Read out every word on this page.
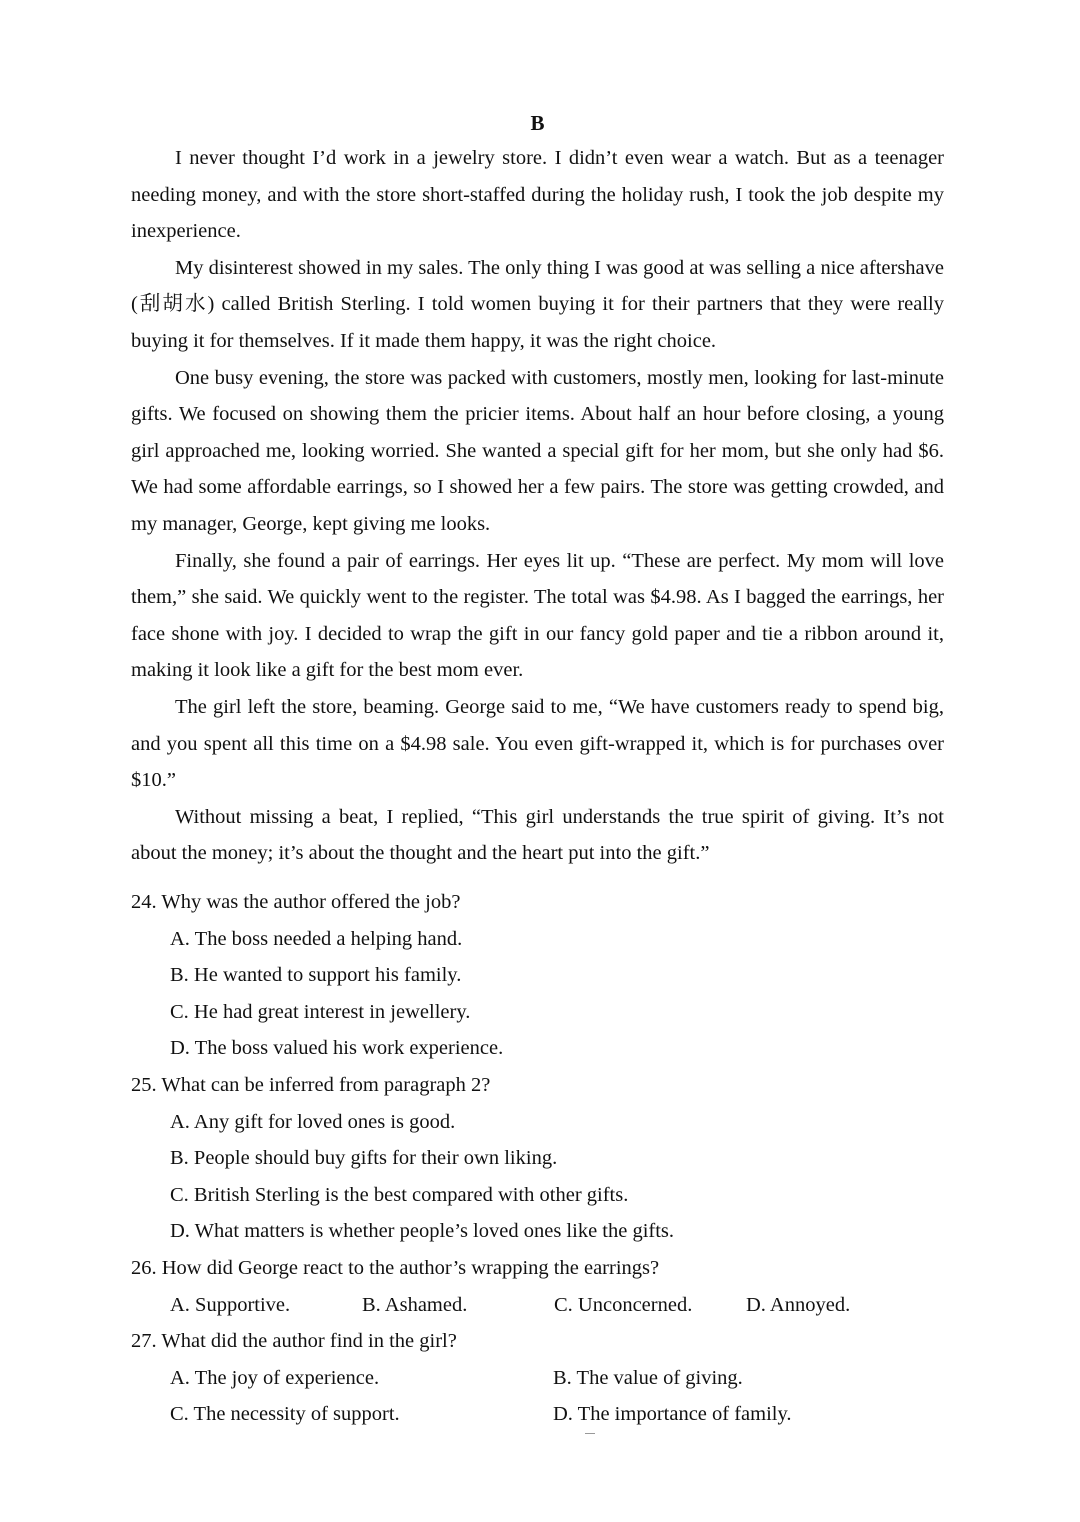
B

I never thought I’d work in a jewelry store. I didn’t even wear a watch. But as a teenager needing money, and with the store short-staffed during the holiday rush, I took the job despite my inexperience.

My disinterest showed in my sales. The only thing I was good at was selling a nice aftershave (刮胡水) called British Sterling. I told women buying it for their partners that they were really buying it for themselves. If it made them happy, it was the right choice.

One busy evening, the store was packed with customers, mostly men, looking for last-minute gifts. We focused on showing them the pricier items. About half an hour before closing, a young girl approached me, looking worried. She wanted a special gift for her mom, but she only had $6. We had some affordable earrings, so I showed her a few pairs. The store was getting crowded, and my manager, George, kept giving me looks.

Finally, she found a pair of earrings. Her eyes lit up. “These are perfect. My mom will love them,” she said. We quickly went to the register. The total was $4.98. As I bagged the earrings, her face shone with joy. I decided to wrap the gift in our fancy gold paper and tie a ribbon around it, making it look like a gift for the best mom ever.

The girl left the store, beaming. George said to me, “We have customers ready to spend big, and you spent all this time on a $4.98 sale. You even gift-wrapped it, which is for purchases over $10.”

Without missing a beat, I replied, “This girl understands the true spirit of giving. It’s not about the money; it’s about the thought and the heart put into the gift.”

24. Why was the author offered the job?
A. The boss needed a helping hand.
B. He wanted to support his family.
C. He had great interest in jewellery.
D. The boss valued his work experience.
25. What can be inferred from paragraph 2?
A. Any gift for loved ones is good.
B. People should buy gifts for their own liking.
C. British Sterling is the best compared with other gifts.
D. What matters is whether people’s loved ones like the gifts.
26. How did George react to the author’s wrapping the earrings?
A. Supportive.	B. Ashamed.	C. Unconcerned.	D. Annoyed.
27. What did the author find in the girl?
A. The joy of experience.	B. The value of giving.
C. The necessity of support.	D. The importance of family.
